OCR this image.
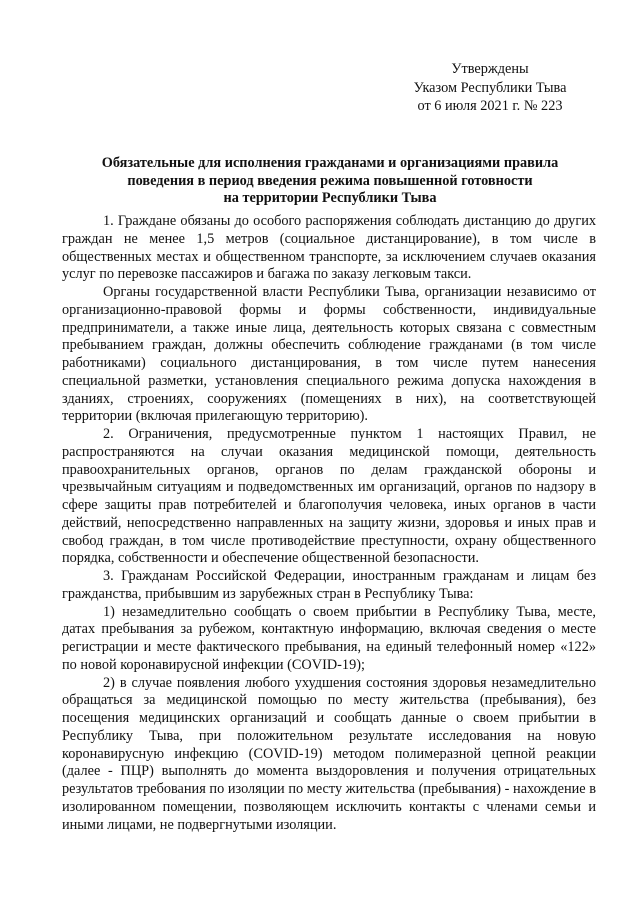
Утверждены
Указом Республики Тыва
от 6 июля 2021 г. № 223
Обязательные для исполнения гражданами и организациями правила
поведения в период введения режима повышенной готовности
на территории Республики Тыва

1. Граждане обязаны до особого распоряжения соблюдать дистанцию до других граждан не менее 1,5 метров (социальное дистанцирование), в том числе в общественных местах и общественном транспорте, за исключением случаев оказания услуг по перевозке пассажиров и багажа по заказу легковым такси.

Органы государственной власти Республики Тыва, организации независимо от организационно-правовой формы и формы собственности, индивидуальные предприниматели, а также иные лица, деятельность которых связана с совместным пребыванием граждан, должны обеспечить соблюдение гражданами (в том числе работниками) социального дистанцирования, в том числе путем нанесения специальной разметки, установления специального режима допуска нахождения в зданиях, строениях, сооружениях (помещениях в них), на соответствующей территории (включая прилегающую территорию).

2. Ограничения, предусмотренные пунктом 1 настоящих Правил, не распространяются на случаи оказания медицинской помощи, деятельность правоохранительных органов, органов по делам гражданской обороны и чрезвычайным ситуациям и подведомственных им организаций, органов по надзору в сфере защиты прав потребителей и благополучия человека, иных органов в части действий, непосредственно направленных на защиту жизни, здоровья и иных прав и свобод граждан, в том числе противодействие преступности, охрану общественного порядка, собственности и обеспечение общественной безопасности.

3. Гражданам Российской Федерации, иностранным гражданам и лицам без гражданства, прибывшим из зарубежных стран в Республику Тыва:

1) незамедлительно сообщать о своем прибытии в Республику Тыва, месте, датах пребывания за рубежом, контактную информацию, включая сведения о месте регистрации и месте фактического пребывания, на единый телефонный номер «122» по новой коронавирусной инфекции (COVID-19);

2) в случае появления любого ухудшения состояния здоровья незамедлительно обращаться за медицинской помощью по месту жительства (пребывания), без посещения медицинских организаций и сообщать данные о своем прибытии в Республику Тыва, при положительном результате исследования на новую коронавирусную инфекцию (COVID-19) методом полимеразной цепной реакции (далее - ПЦР) выполнять до момента выздоровления и получения отрицательных результатов требования по изоляции по месту жительства (пребывания) - нахождение в изолированном помещении, позволяющем исключить контакты с членами семьи и иными лицами, не подвергнутыми изоляции.
